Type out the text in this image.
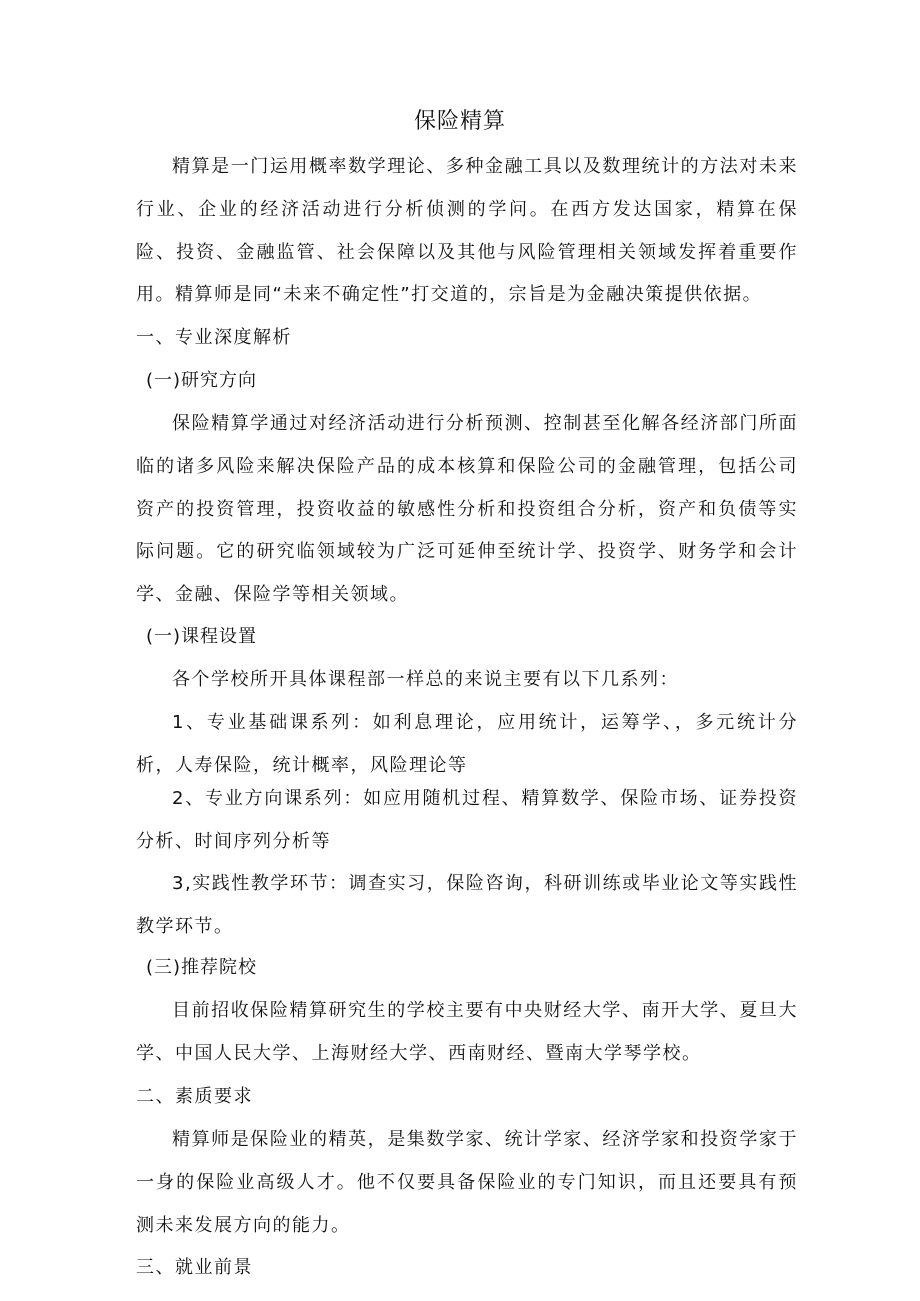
保险精算

精算是一门运用概率数学理论、多种金融工具以及数理统计的方法对未来行业、企业的经济活动进行分析侦测的学问。在西方发达国家，精算在保险、投资、金融监管、社会保障以及其他与风险管理相关领域发挥着重要作用。精算师是同“未来不确定性”打交道的，宗旨是为金融决策提供依据。

一、专业深度解析
(一)研究方向

保险精算学通过对经济活动进行分析预测、控制甚至化解各经济部门所面临的诸多风险来解决保险产品的成本核算和保险公司的金融管理，包括公司资产的投资管理，投资收益的敏感性分析和投资组合分析，资产和负债等实际问题。它的研究临领域较为广泛可延伸至统计学、投资学、财务学和会计学、金融、保险学等相关领域。

(一)课程设置

各个学校所开具体课程部一样总的来说主要有以下几系列：

1、专业基础课系列：如利息理论，应用统计，运筹学、，多元统计分析，人寿保险，统计概率，风险理论等

2、专业方向课系列：如应用随机过程、精算数学、保险市场、证券投资分析、时间序列分析等

3,实践性教学环节：调查实习，保险咨询，科研训练或毕业论文等实践性教学环节。

(三)推荐院校

目前招收保险精算研究生的学校主要有中央财经大学、南开大学、夏旦大学、中国人民大学、上海财经大学、西南财经、暨南大学琴学校。

二、素质要求

精算师是保险业的精英，是集数学家、统计学家、经济学家和投资学家于一身的保险业高级人才。他不仅要具备保险业的专门知识，而且还要具有预测未来发展方向的能力。

三、就业前景
